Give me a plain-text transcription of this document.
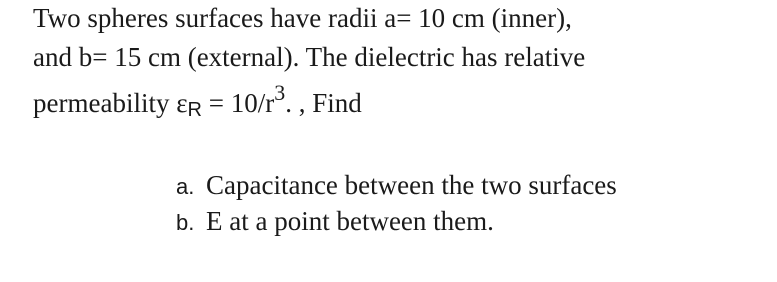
Two spheres surfaces have radii a= 10 cm (inner),
and b= 15 cm (external). The dielectric has relative
permeability $\varepsilon R = 10/r^3$. , Find
a. Capacitance between the two surfaces
b. E at a point between them.
